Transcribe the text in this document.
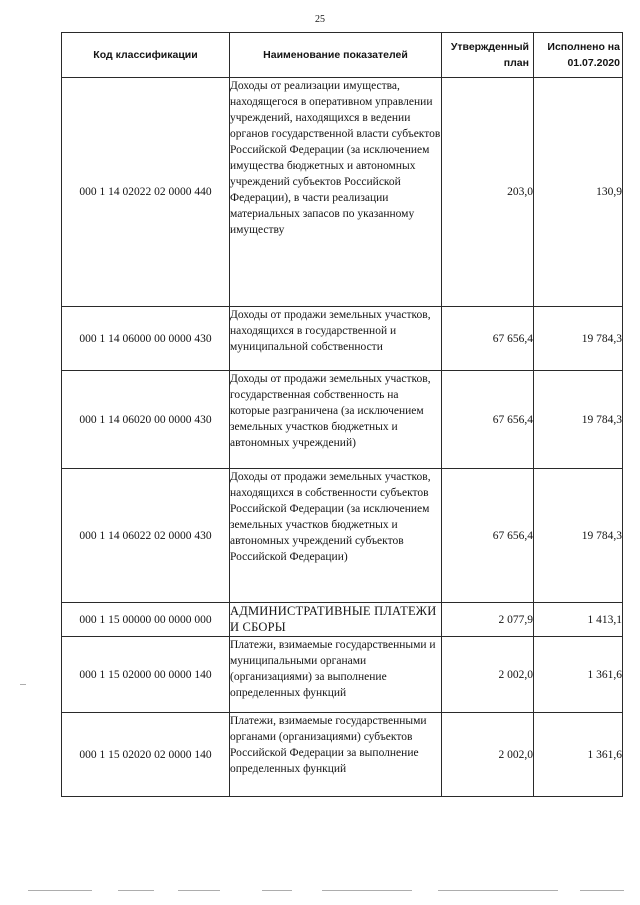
25
Код классификации	Наименование показателей	Утвержденный план	Исполнено на 01.07.2020
000 1 14 02022 02 0000 440	Доходы от реализации имущества, находящегося в оперативном управлении учреждений, находящихся в ведении органов государственной власти субъектов Российской Федерации (за исключением имущества бюджетных и автономных учреждений субъектов Российской Федерации), в части реализации материальных запасов по указанному имуществу	203,0	130,9
000 1 14 06000 00 0000 430	Доходы от продажи земельных участков, находящихся в государственной и муниципальной собственности	67 656,4	19 784,3
000 1 14 06020 00 0000 430	Доходы от продажи земельных участков, государственная собственность на которые разграничена (за исключением земельных участков бюджетных и автономных учреждений)	67 656,4	19 784,3
000 1 14 06022 02 0000 430	Доходы от продажи земельных участков, находящихся в собственности субъектов Российской Федерации (за исключением земельных участков бюджетных и автономных учреждений субъектов Российской Федерации)	67 656,4	19 784,3
000 1 15 00000 00 0000 000	АДМИНИСТРАТИВНЫЕ ПЛАТЕЖИ И СБОРЫ	2 077,9	1 413,1
000 1 15 02000 00 0000 140	Платежи, взимаемые государственными и муниципальными органами (организациями) за выполнение определенных функций	2 002,0	1 361,6
000 1 15 02020 02 0000 140	Платежи, взимаемые государственными органами (организациями) субъектов Российской Федерации за выполнение определенных функций	2 002,0	1 361,6
